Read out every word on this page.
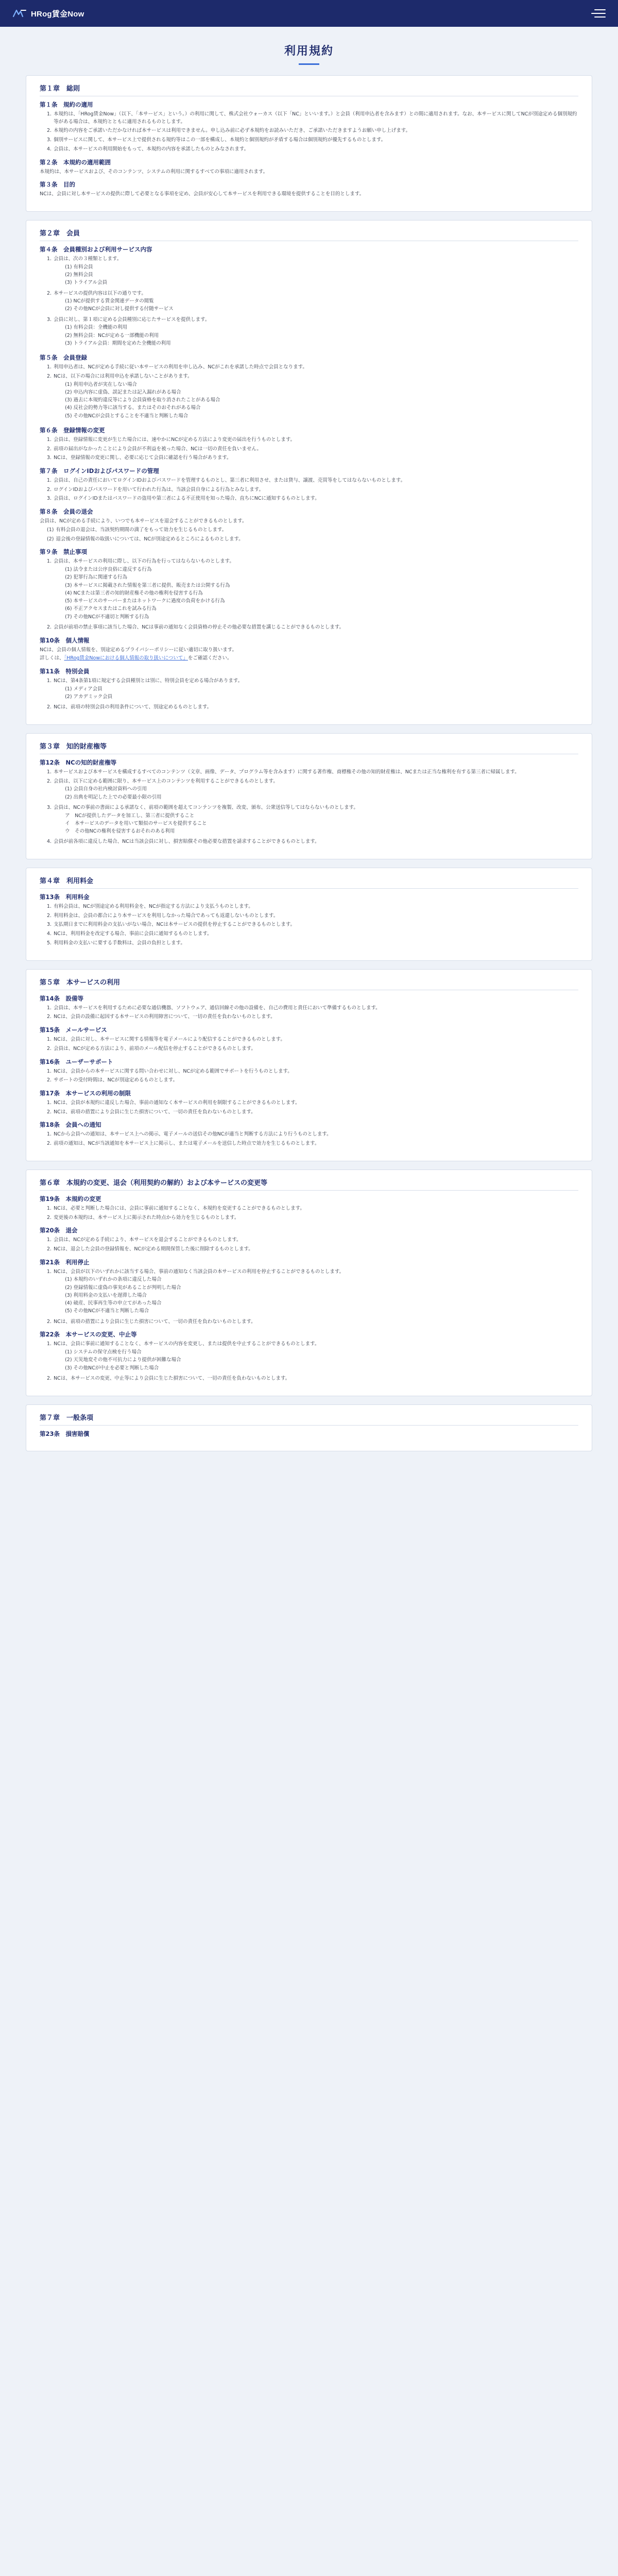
HRog賃金Now
利用規約
第１章　総則
第１条　規約の適用
1. 本規約は、「HRog賃金Now」（以下、「本サービス」という。）の利用に関して、株式会社ウォーカス（以下「NC」といいます。）と会員（利用申込者を含みます）との間に適用されます。なお、本サービスに関してNCが別途定める個別規約等がある場合は、本規約とともに適用されるものとします。
2. 本規約の内容をご承諾いただかなければ本サービスは利用できません。申し込み前に必ず本規約をお読みいただき、ご承諾いただきますようお願い申し上げます。
3. 個別サービスに関して、本サービス上で提供される規約等はこの一部を構成し、本規約と個別規約が矛盾する場合は個別規約が優先するものとします。
4. 会員は、本サービスの利用開始をもって、本規約の内容を承諾したものとみなされます。
第２条　本規約の適用範囲

本規約は、本サービスおよび、そのコンテンツ、システムの利用に関するすべての事項に適用されます。

第３条　目的

NCは、会員に対し本サービスの提供に際して必要となる事項を定め、会員が安心して本サービスを利用できる環境を提供することを目的とします。

第２章　会員
第４条　会員種別および利用サービス内容
1. 会員は、次の３種類とします。
(1) 有料会員
(2) 無料会員
(3) トライアル会員
2. 本サービスの提供内容は以下の通りです。
(1) NCが提供する賃金関連データの閲覧
(2) その他NCが会員に対し提供する付随サービス
3. 会員に対し、第１項に定める会員種別に応じたサービスを提供します。
(1) 有料会員：全機能の利用
(2) 無料会員：NCが定める一部機能の利用
(3) トライアル会員：期間を定めた全機能の利用
第５条　会員登録
1. 利用申込者は、NCが定める手続に従い本サービスの利用を申し込み、NCがこれを承諾した時点で会員となります。
2. NCは、以下の場合には利用申込を承諾しないことがあります。
(1) 利用申込者が実在しない場合
(2) 申込内容に虚偽、誤記または記入漏れがある場合
(3) 過去に本規約違反等により会員資格を取り消されたことがある場合
(4) 反社会的勢力等に該当する、またはそのおそれがある場合
(5) その他NCが会員とすることを不適当と判断した場合
第６条　登録情報の変更
1. 会員は、登録情報に変更が生じた場合には、速やかにNCが定める方法により変更の届出を行うものとします。
2. 前項の届出がなかったことにより会員が不利益を被った場合、NCは一切の責任を負いません。
3. NCは、登録情報の変更に関し、必要に応じて会員に確認を行う場合があります。
第７条　ログインIDおよびパスワードの管理
1. 会員は、自己の責任においてログインIDおよびパスワードを管理するものとし、第三者に利用させ、または貸与、譲渡、売買等をしてはならないものとします。
2. ログインIDおよびパスワードを用いて行われた行為は、当該会員自身による行為とみなします。
3. 会員は、ログインIDまたはパスワードの盗用や第三者による不正使用を知った場合、直ちにNCに通知するものとします。
第８条　会員の退会

会員は、NCが定める手続により、いつでも本サービスを退会することができるものとします。

(1) 有料会員の退会は、当該契約期間の満了をもって効力を生じるものとします。
(2) 退会後の登録情報の取扱いについては、NCが別途定めるところによるものとします。
第９条　禁止事項
1. 会員は、本サービスの利用に際し、以下の行為を行ってはならないものとします。
(1) 法令または公序良俗に違反する行為
(2) 犯罪行為に関連する行為
(3) 本サービスに掲載された情報を第三者に提供、販売または公開する行為
(4) NCまたは第三者の知的財産権その他の権利を侵害する行為
(5) 本サービスのサーバーまたはネットワークに過度の負荷をかける行為
(6) 不正アクセスまたはこれを試みる行為
(7) その他NCが不適切と判断する行為
2. 会員が前項の禁止事項に該当した場合、NCは事前の通知なく会員資格の停止その他必要な措置を講じることができるものとします。
第10条　個人情報

NCは、会員の個人情報を、別途定めるプライバシーポリシーに従い適切に取り扱います。

詳しくは、「HRog賃金Nowにおける個人情報の取り扱いについて」をご確認ください。

第11条　特別会員
1. NCは、第4条第1項に規定する会員種別とは別に、特別会員を定める場合があります。
(1) メディア会員
(2) アカデミック会員
2. NCは、前項の特別会員の利用条件について、別途定めるものとします。
第３章　知的財産権等
第12条　NCの知的財産権等
1. 本サービスおよび本サービスを構成するすべてのコンテンツ（文章、画像、データ、プログラム等を含みます）に関する著作権、商標権その他の知的財産権は、NCまたは正当な権利を有する第三者に帰属します。
2. 会員は、以下に定める範囲に限り、本サービス上のコンテンツを利用することができるものとします。
(1) 会員自身の社内検討資料への引用
(2) 出典を明記した上での必要最小限の引用
3. 会員は、NCの事前の書面による承諾なく、前項の範囲を超えてコンテンツを複製、改変、頒布、公衆送信等してはならないものとします。
ア　NCが提供したデータを加工し、第三者に提供すること
イ　本サービスのデータを用いて類似のサービスを提供すること
ウ　その他NCの権利を侵害するおそれのある利用
4. 会員が前各項に違反した場合、NCは当該会員に対し、損害賠償その他必要な措置を請求することができるものとします。
第４章　利用料金
第13条　利用料金
1. 有料会員は、NCが別途定める利用料金を、NCが指定する方法により支払うものとします。
2. 利用料金は、会員の都合により本サービスを利用しなかった場合であっても返還しないものとします。
3. 支払期日までに利用料金の支払いがない場合、NCは本サービスの提供を停止することができるものとします。
4. NCは、利用料金を改定する場合、事前に会員に通知するものとします。
5. 利用料金の支払いに要する手数料は、会員の負担とします。
第５章　本サービスの利用
第14条　設備等
1. 会員は、本サービスを利用するために必要な通信機器、ソフトウェア、通信回線その他の設備を、自己の費用と責任において準備するものとします。
2. NCは、会員の設備に起因する本サービスの利用障害について、一切の責任を負わないものとします。
第15条　メールサービス
1. NCは、会員に対し、本サービスに関する情報等を電子メールにより配信することができるものとします。
2. 会員は、NCが定める方法により、前項のメール配信を停止することができるものとします。
第16条　ユーザーサポート
1. NCは、会員からの本サービスに関する問い合わせに対し、NCが定める範囲でサポートを行うものとします。
2. サポートの受付時間は、NCが別途定めるものとします。
第17条　本サービスの利用の制限
1. NCは、会員が本規約に違反した場合、事前の通知なく本サービスの利用を制限することができるものとします。
2. NCは、前項の措置により会員に生じた損害について、一切の責任を負わないものとします。
第18条　会員への通知
1. NCから会員への通知は、本サービス上への掲示、電子メールの送信その他NCが適当と判断する方法により行うものとします。
2. 前項の通知は、NCが当該通知を本サービス上に掲示し、または電子メールを送信した時点で効力を生じるものとします。
第６章　本規約の変更、退会（利用契約の解約）および本サービスの変更等
第19条　本規約の変更
1. NCは、必要と判断した場合には、会員に事前に通知することなく、本規約を変更することができるものとします。
2. 変更後の本規約は、本サービス上に掲示された時点から効力を生じるものとします。
第20条　退会
1. 会員は、NCが定める手続により、本サービスを退会することができるものとします。
2. NCは、退会した会員の登録情報を、NCが定める期間保管した後に削除するものとします。
第21条　利用停止
1. NCは、会員が以下のいずれかに該当する場合、事前の通知なく当該会員の本サービスの利用を停止することができるものとします。
(1) 本規約のいずれかの条項に違反した場合
(2) 登録情報に虚偽の事実があることが判明した場合
(3) 利用料金の支払いを遅滞した場合
(4) 破産、民事再生等の申立てがあった場合
(5) その他NCが不適当と判断した場合
2. NCは、前項の措置により会員に生じた損害について、一切の責任を負わないものとします。
第22条　本サービスの変更、中止等
1. NCは、会員に事前に通知することなく、本サービスの内容を変更し、または提供を中止することができるものとします。
(1) システムの保守点検を行う場合
(2) 天災地変その他不可抗力により提供が困難な場合
(3) その他NCが中止を必要と判断した場合
2. NCは、本サービスの変更、中止等により会員に生じた損害について、一切の責任を負わないものとします。
第７章　一般条項
第23条　損害賠償
